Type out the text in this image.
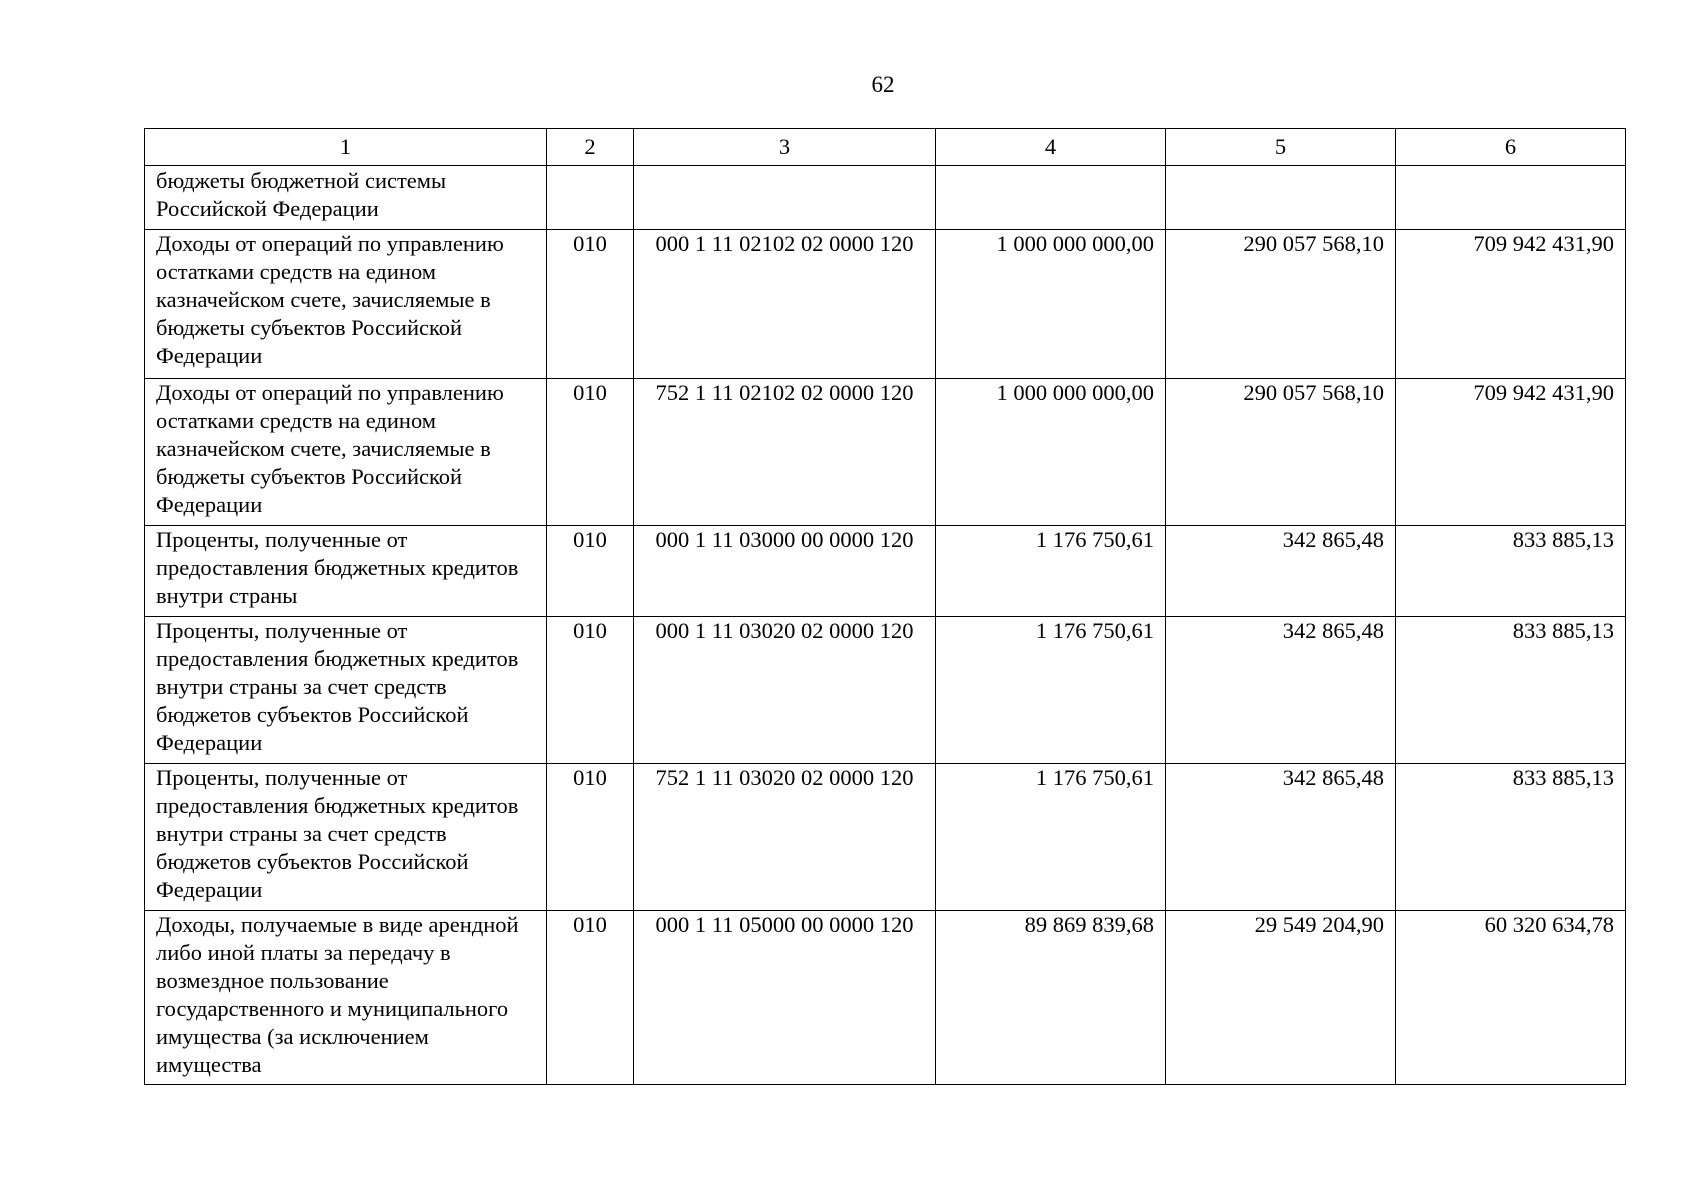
62
1	2	3	4	5	6
бюджеты бюджетной системы Российской Федерации					
Доходы от операций по управлению остатками средств на едином казначейском счете, зачисляемые в бюджеты субъектов Российской Федерации	010	000 1 11 02102 02 0000 120	1 000 000 000,00	290 057 568,10	709 942 431,90
Доходы от операций по управлению остатками средств на едином казначейском счете, зачисляемые в бюджеты субъектов Российской Федерации	010	752 1 11 02102 02 0000 120	1 000 000 000,00	290 057 568,10	709 942 431,90
Проценты, полученные от предоставления бюджетных кредитов внутри страны	010	000 1 11 03000 00 0000 120	1 176 750,61	342 865,48	833 885,13
Проценты, полученные от предоставления бюджетных кредитов внутри страны за счет средств бюджетов субъектов Российской Федерации	010	000 1 11 03020 02 0000 120	1 176 750,61	342 865,48	833 885,13
Проценты, полученные от предоставления бюджетных кредитов внутри страны за счет средств бюджетов субъектов Российской Федерации	010	752 1 11 03020 02 0000 120	1 176 750,61	342 865,48	833 885,13
Доходы, получаемые в виде арендной либо иной платы за передачу в возмездное пользование государственного и муниципального имущества (за исключением имущества	010	000 1 11 05000 00 0000 120	89 869 839,68	29 549 204,90	60 320 634,78
